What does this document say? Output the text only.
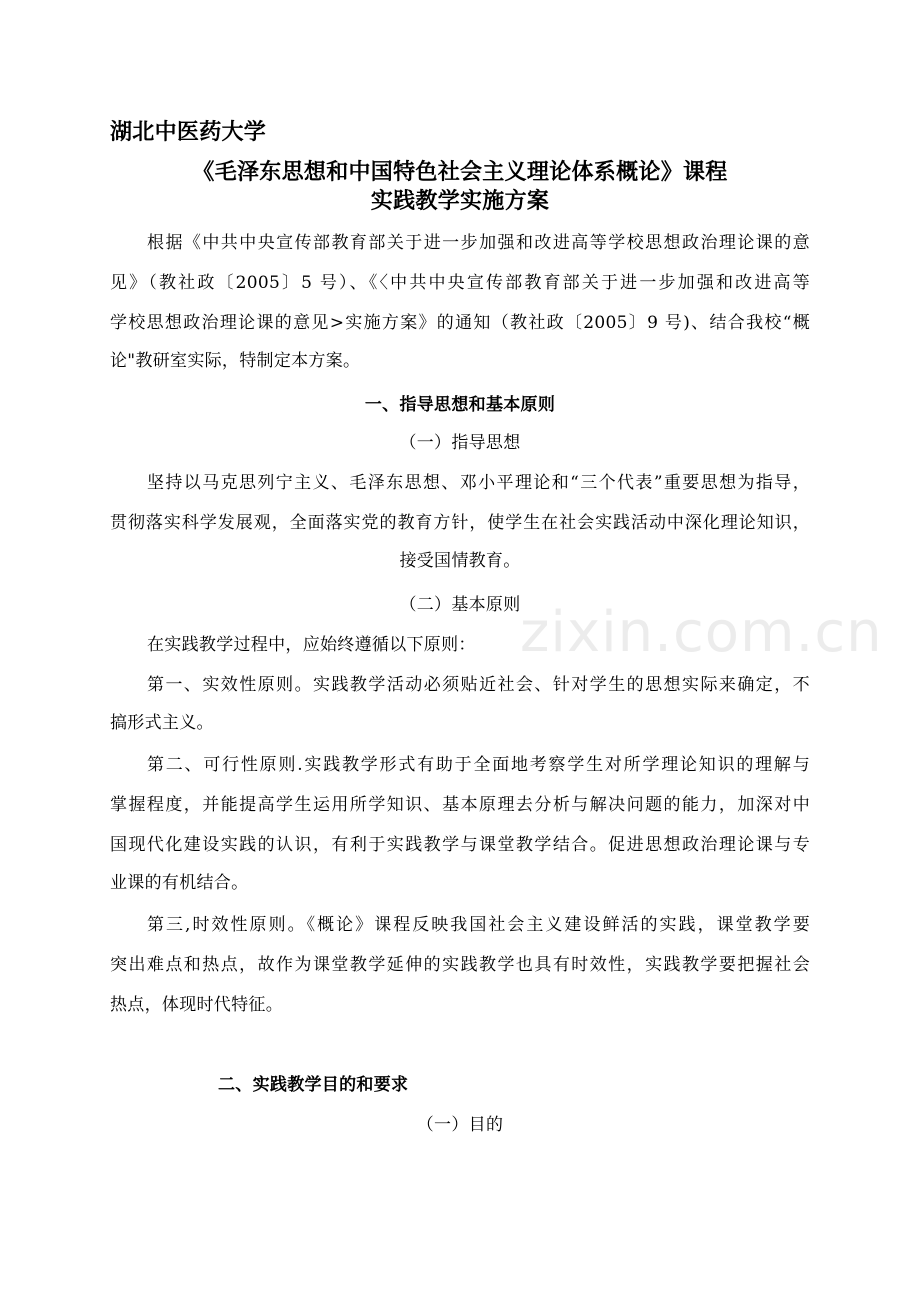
湖北中医药大学
《毛泽东思想和中国特色社会主义理论体系概论》课程
实践教学实施方案
根据《中共中央宣传部教育部关于进一步加强和改进高等学校思想政治理论课的意
见》（教社政〔2005〕5 号）、《〈中共中央宣传部教育部关于进一步加强和改进高等
学校思想政治理论课的意见>实施方案》的通知（教社政〔2005〕9 号)、结合我校“概
论"教研室实际，特制定本方案。
一、指导思想和基本原则
（一）指导思想
坚持以马克思列宁主义、毛泽东思想、邓小平理论和“三个代表”重要思想为指导，
贯彻落实科学发展观，全面落实党的教育方针，使学生在社会实践活动中深化理论知识，
接受国情教育。
（二）基本原则
在实践教学过程中，应始终遵循以下原则：
第一、实效性原则。实践教学活动必须贴近社会、针对学生的思想实际来确定，不
搞形式主义。
第二、可行性原则.实践教学形式有助于全面地考察学生对所学理论知识的理解与
掌握程度，并能提高学生运用所学知识、基本原理去分析与解决问题的能力，加深对中
国现代化建设实践的认识，有利于实践教学与课堂教学结合。促进思想政治理论课与专
业课的有机结合。
第三,时效性原则。《概论》课程反映我国社会主义建设鲜活的实践，课堂教学要
突出难点和热点，故作为课堂教学延伸的实践教学也具有时效性，实践教学要把握社会
热点，体现时代特征。
二、实践教学目的和要求
（一）目的
zixin.com.cn
